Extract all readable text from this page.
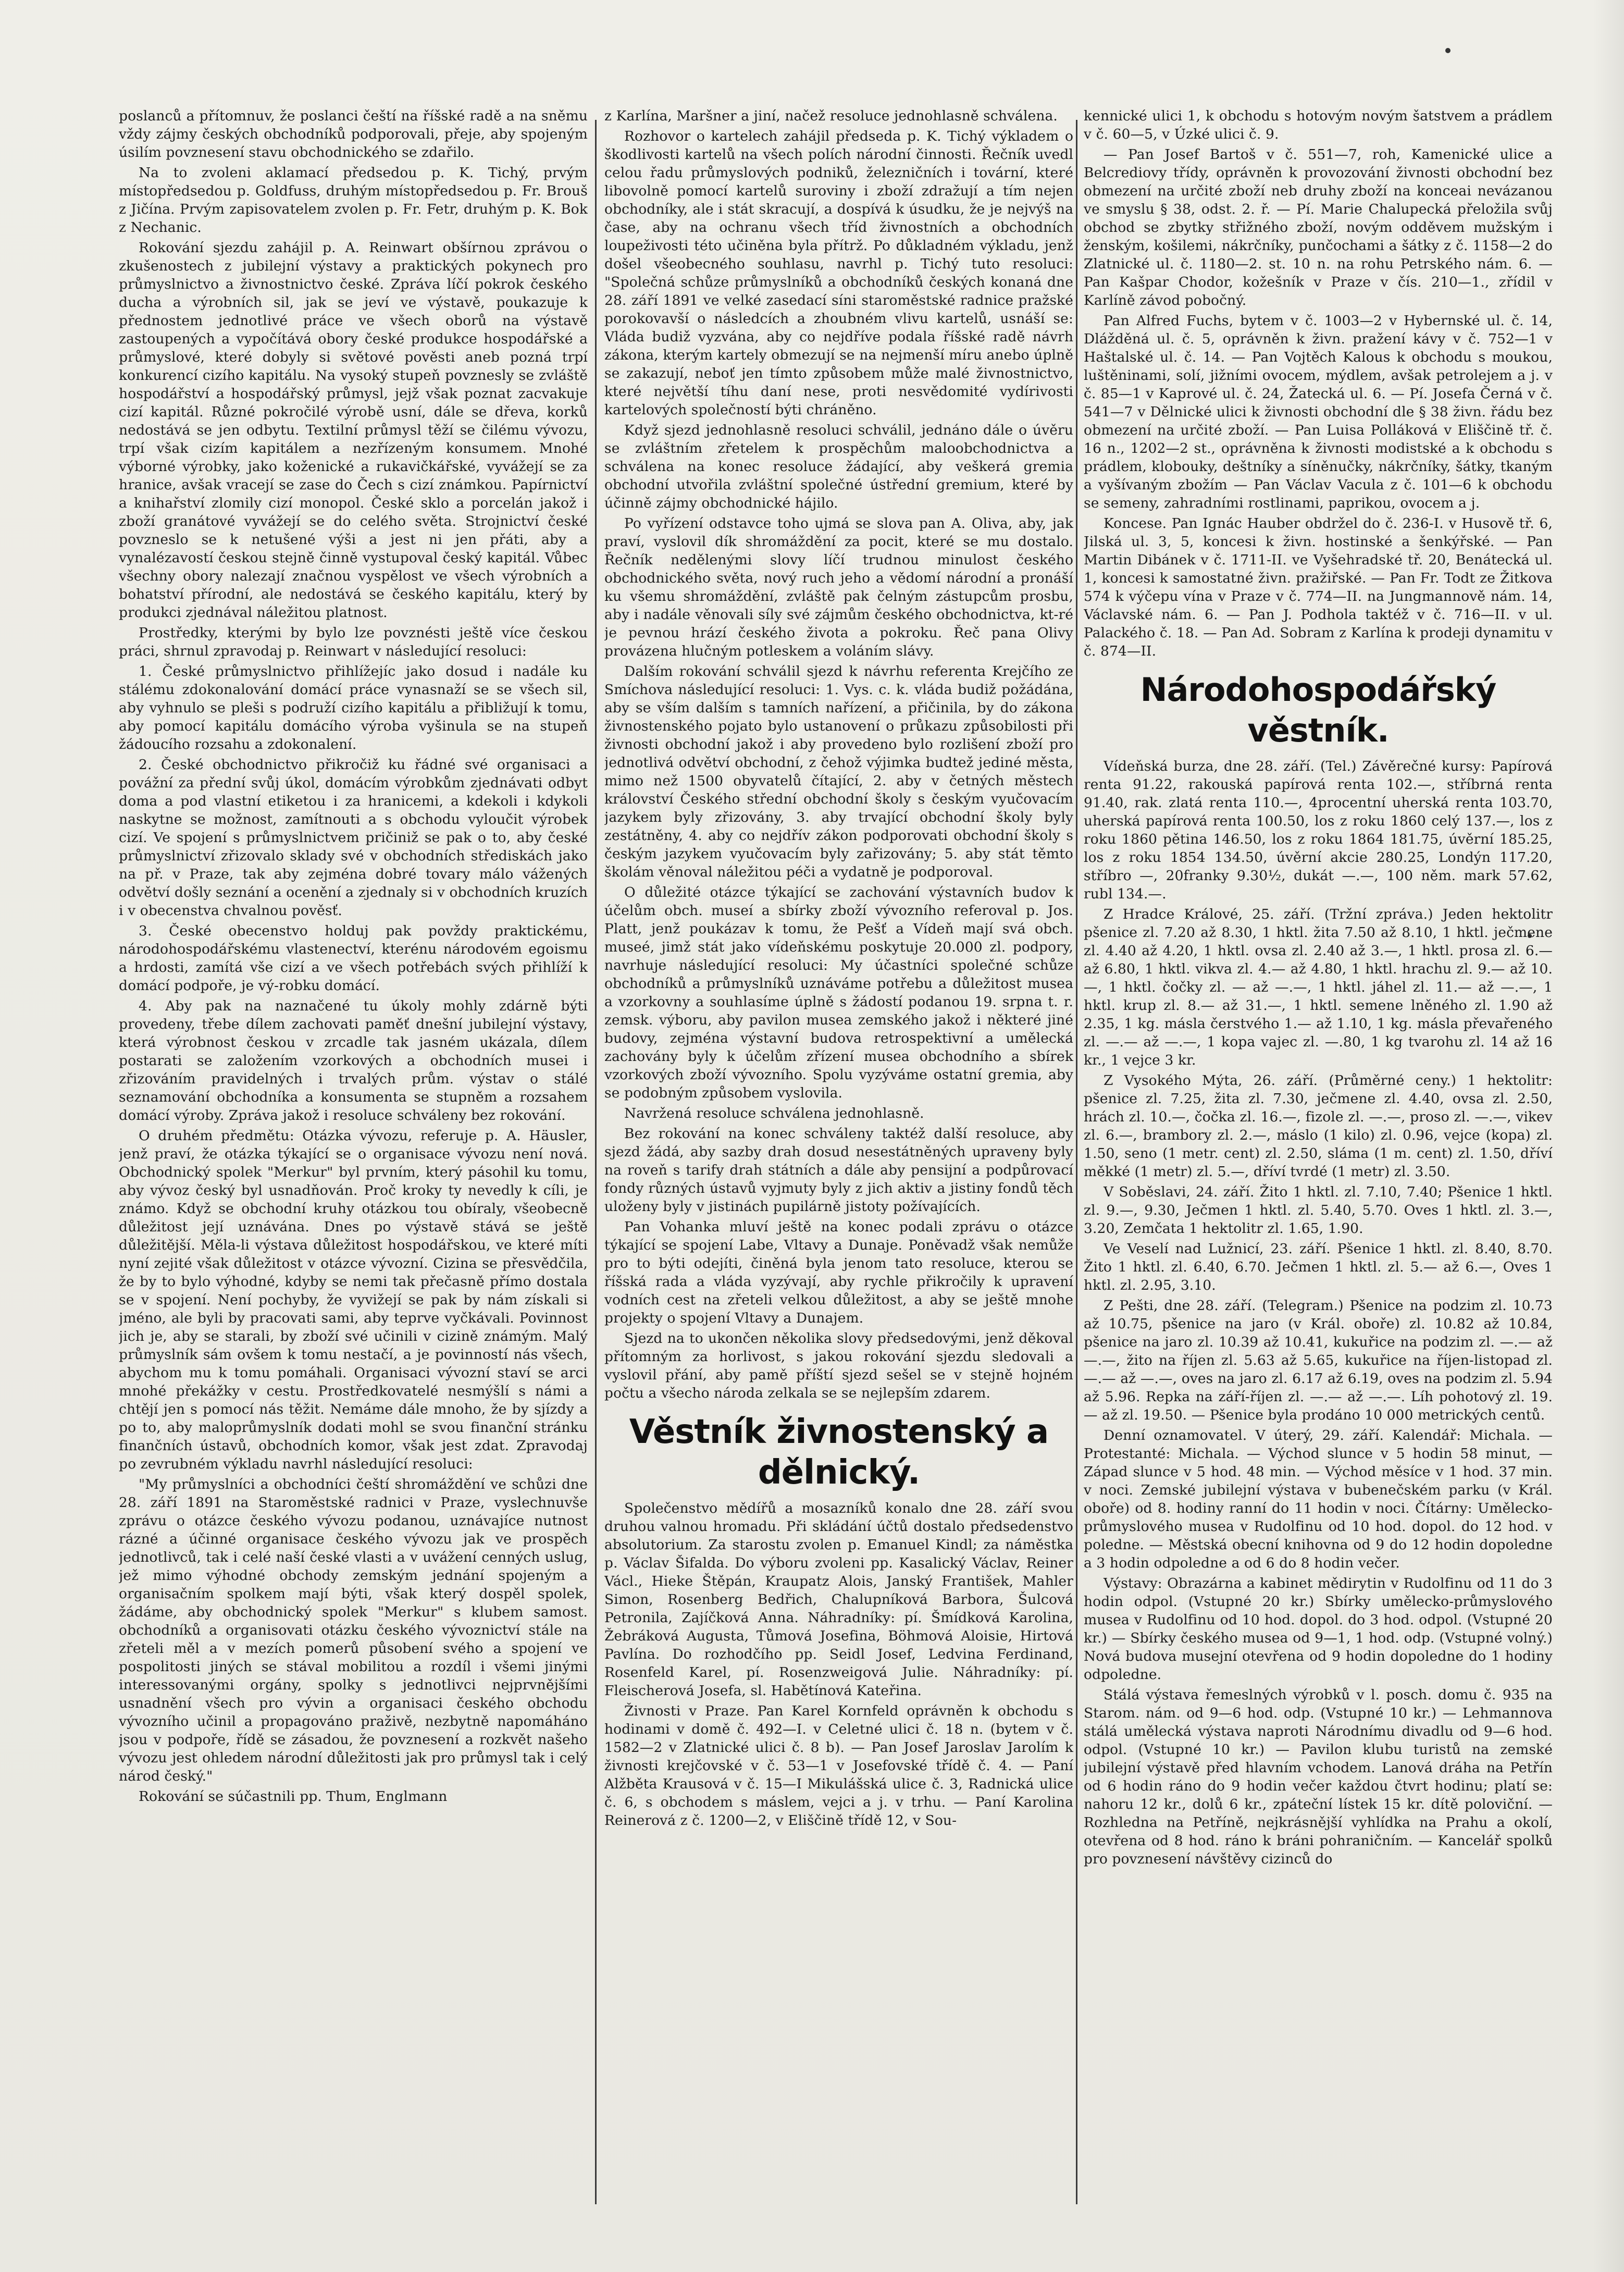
poslanců a přítomnuv, že poslanci čeští na říšské radě a na sněmu vždy zájmy českých obchodníků podporovali, přeje, aby spojeným úsilím povznesení stavu obchodnického se zdařilo.

Na to zvoleni aklamací předsedou p. K. Tichý, prvým místopředsedou p. Goldfuss, druhým místopředsedou p. Fr. Brouš z Jičína. Prvým zapisovatelem zvolen p. Fr. Fetr, druhým p. K. Bok z Nechanic.

Rokování sjezdu zahájil p. A. Reinwart obšírnou zprávou o zkušenostech z jubilejní výstavy a praktických pokynech pro průmyslnictvo a živnostnictvo české. Zpráva líčí pokrok českého ducha a výrobních sil, jak se jeví ve výstavě, poukazuje k přednostem jednotlivé práce ve všech oborů na výstavě zastoupených a vypočítává obory české produkce hospodářské a průmyslové, které dobyly si světové pověsti aneb pozná trpí konkurencí cizího kapitálu. Na vysoký stupeň povznesly se zvláště hospodářství a hospodářský průmysl, jejž však poznat zacvakuje cizí kapitál. Různé pokročilé výrobě usní, dále se dřeva, korků nedostává se jen odbytu. Textilní průmysl těží se čilému vývozu, trpí však cizím kapitálem a nezřízeným konsumem. Mnohé výborné výrobky, jako koženické a rukavičkářské, vyvážejí se za hranice, avšak vracejí se zase do Čech s cizí známkou. Papírnictví a knihařství zlomily cizí monopol. České sklo a porcelán jakož i zboží granátové vyvážejí se do celého světa. Strojnictví české povzneslo se k netušené výši a jest ni jen přáti, aby a vynalézavostí českou stejně činně vystupoval český kapitál. Vůbec všechny obory nalezají značnou vyspělost ve všech výrobních a bohatství přírodní, ale nedostává se českého kapitálu, který by produkci zjednával náležitou platnost.

Prostředky, kterými by bylo lze povznésti ještě více českou práci, shrnul zpravodaj p. Reinwart v následující resoluci:

1. České průmyslnictvo přihlížejíc jako dosud i nadále ku stálému zdokonalování domácí práce vynasnaží se se všech sil, aby vyhnulo se pleši s podruží cizího kapitálu a přibližují k tomu, aby pomocí kapitálu domácího výroba vyšinula se na stupeň žádoucího rozsahu a zdokonalení.

2. České obchodnictvo přikročiž ku řádné své organisaci a povážní za přední svůj úkol, domácím výrobkům zjednávati odbyt doma a pod vlastní etiketou i za hranicemi, a kdekoli i kdykoli naskytne se možnost, zamítnouti a s obchodu vyloučit výrobek cizí. Ve spojení s průmyslnictvem pričiniž se pak o to, aby české průmyslnictví zřizovalo sklady své v obchodních střediskách jako na př. v Praze, tak aby zejména dobré tovary málo vážených odvětví došly seznání a ocenění a zjednaly si v obchodních kruzích i v obecenstva chvalnou pověsť.

3. České obecenstvo holduj pak povždy praktickému, národohospodářskému vlastenectví, kterénu národovém egoismu a hrdosti, zamítá vše cizí a ve všech potřebách svých přihlíží k domácí podpoře, je vý-robku domácí.

4. Aby pak na naznačené tu úkoly mohly zdárně býti provedeny, třebe dílem zachovati paměť dnešní jubilejní výstavy, která výrobnost českou v zrcadle tak jasném ukázala, dílem postarati se založením vzorkových a obchodních musei i zřizováním pravidelných i trvalých prům. výstav o stálé seznamování obchodníka a konsumenta se stupněm a rozsahem domácí výroby. Zpráva jakož i resoluce schváleny bez rokování.

O druhém předmětu: Otázka vývozu, referuje p. A. Häusler, jenž praví, že otázka týkající se o organisace vývozu není nová. Obchodnický spolek "Merkur" byl prvním, který pásohil ku tomu, aby vývoz český byl usnadňován. Proč kroky ty nevedly k cíli, je známo. Když se obchodní kruhy otázkou tou obíraly, všeobecně důležitost její uznávána. Dnes po výstavě stává se ještě důležitější. Měla-li výstava důležitost hospodářskou, ve které míti nyní zejité však důležitost v otázce vývozní. Cizina se přesvědčila, že by to bylo výhodné, kdyby se nemi tak přečasně přímo dostala se v spojení. Není pochyby, že vyvižejí se pak by nám získali si jméno, ale byli by pracovati sami, aby teprve vyčkávali. Povinnost jich je, aby se starali, by zboží své učinili v cizině známým. Malý průmyslník sám ovšem k tomu nestačí, a je povinností nás všech, abychom mu k tomu pomáhali. Organisaci vývozní staví se arci mnohé překážky v cestu. Prostředkovatelé nesmýšlí s námi a chtějí jen s pomocí nás těžit. Nemáme dále mnoho, že by sjízdy a po to, aby maloprůmyslník dodati mohl se svou finanční stránku finančních ústavů, obchodních komor, však jest zdat. Zpravodaj po zevrubném výkladu navrhl následující resoluci:

"My průmyslníci a obchodníci čeští shromáždění ve schůzi dne 28. září 1891 na Staroměstské radnici v Praze, vyslechnuvše zprávu o otázce českého vývozu podanou, uznávajíce nutnost rázné a účinné organisace českého vývozu jak ve prospěch jednotlivců, tak i celé naší české vlasti a v uvážení cenných uslug, jež mimo výhodné obchody zemským jednání spojeným a organisačním spolkem mají býti, však který dospěl spolek, žádáme, aby obchodnický spolek "Merkur" s klubem samost. obchodníků a organisovati otázku českého vývoznictví stále na zřeteli měl a v mezích pomerů působení svého a spojení ve pospolitosti jiných se stával mobilitou a rozdíl i všemi jinými interessovanými orgány, spolky s jednotlivci nejprvnějšími usnadnění všech pro vývin a organisaci českého obchodu vývozního učinil a propagováno praživě, nezbytně napomáháno jsou v podpoře, řídě se zásadou, že povznesení a rozkvět našeho vývozu jest ohledem národní důležitosti jak pro průmysl tak i celý národ český."

Rokování se súčastnili pp. Thum, Englmann

z Karlína, Maršner a jiní, načež resoluce jednohlasně schválena.

Rozhovor o kartelech zahájil předseda p. K. Tichý výkladem o škodlivosti kartelů na všech polích národní činnosti. Řečník uvedl celou řadu průmyslových podniků, železničních i tovární, které libovolně pomocí kartelů suroviny i zboží zdražují a tím nejen obchodníky, ale i stát skracují, a dospívá k úsudku, že je nejvýš na čase, aby na ochranu všech tříd živnostních a obchodních loupeživosti této učiněna byla přítrž. Po důkladném výkladu, jenž došel všeobecného souhlasu, navrhl p. Tichý tuto resoluci: "Společná schůze průmyslníků a obchodníků českých konaná dne 28. září 1891 ve velké zasedací síni staroměstské radnice pražské porokovavší o následcích a zhoubném vlivu kartelů, usnáší se: Vláda budiž vyzvána, aby co nejdříve podala říšské radě návrh zákona, kterým kartely obmezují se na nejmenší míru anebo úplně se zakazují, neboť jen tímto způsobem může malé živnostnictvo, které největší tíhu daní nese, proti nesvědomité vydírivosti kartelových společností býti chráněno.

Když sjezd jednohlasně resoluci schválil, jednáno dále o úvěru se zvláštním zřetelem k prospěchům maloobchodnictva a schválena na konec resoluce žádající, aby veškerá gremia obchodní utvořila zvláštní společné ústřední gremium, které by účinně zájmy obchodnické hájilo.

Po vyřízení odstavce toho ujmá se slova pan A. Oliva, aby, jak praví, vyslovil dík shromáždění za pocit, které se mu dostalo. Řečník nedělenými slovy líčí trudnou minulost českého obchodnického světa, nový ruch jeho a vědomí národní a pronáší ku všemu shromáždění, zvláště pak čelným zástupcům prosbu, aby i nadále věnovali síly své zájmům českého obchodnictva, kt-ré je pevnou hrází českého života a pokroku. Řeč pana Olivy provázena hlučným potleskem a voláním slávy.

Dalším rokování schválil sjezd k návrhu referenta Krejčího ze Smíchova následující resoluci: 1. Vys. c. k. vláda budiž požádána, aby se vším dalším s tamních nařízení, a přičinila, by do zákona živnostenského pojato bylo ustanovení o průkazu způsobilosti při živnosti obchodní jakož i aby provedeno bylo rozlišení zboží pro jednotlivá odvětví obchodní, z čehož výjimka budtež jediné města, mimo než 1500 obyvatelů čítající, 2. aby v četných městech království Českého střední obchodní školy s českým vyučovacím jazykem byly zřizovány, 3. aby trvající obchodní školy byly zestátněny, 4. aby co nejdřív zákon podporovati obchodní školy s českým jazykem vyučovacím byly zařizovány; 5. aby stát těmto školám věnoval náležitou péči a vydatně je podporoval.

O důležité otázce týkající se zachování výstavních budov k účelům obch. museí a sbírky zboží vývozního referoval p. Jos. Platt, jenž poukázav k tomu, že Pešť a Vídeň mají svá obch. museé, jimž stát jako vídeňskému poskytuje 20.000 zl. podpory, navrhuje následující resoluci: My účastníci společné schůze obchodníků a průmyslníků uznáváme potřebu a důležitost musea a vzorkovny a souhlasíme úplně s žádostí podanou 19. srpna t. r. zemsk. výboru, aby pavilon musea zemského jakož i některé jiné budovy, zejména výstavní budova retrospektivní a umělecká zachovány byly k účelům zřízení musea obchodního a sbírek vzorkových zboží vývozního. Spolu vyzýváme ostatní gremia, aby se podobným způsobem vyslovila.

Navržená resoluce schválena jednohlasně.

Bez rokování na konec schváleny taktéž další resoluce, aby sjezd žádá, aby sazby drah dosud nesestátněných upraveny byly na roveň s tarify drah státních a dále aby pensijní a podpůrovací fondy různých ústavů vyjmuty byly z jich aktiv a jistiny fondů těch uloženy byly v jistinách pupilárně jistoty požívajících.

Pan Vohanka mluví ještě na konec podali zprávu o otázce týkající se spojení Labe, Vltavy a Dunaje. Poněvadž však nemůže pro to býti odejíti, činěná byla jenom tato resoluce, kterou se říšská rada a vláda vyzývají, aby rychle přikročily k upravení vodních cest na zřeteli velkou důležitost, a aby se ještě mnohe projekty o spojení Vltavy a Dunajem.

Sjezd na to ukončen několika slovy předsedovými, jenž děkoval přítomným za horlivost, s jakou rokování sjezdu sledovali a vyslovil přání, aby pamě příští sjezd sešel se v stejně hojném počtu a všecho národa zelkala se se nejlepším zdarem.

Věstník živnostenský a dělnický.

Společenstvo mědířů a mosazníků konalo dne 28. září svou druhou valnou hromadu. Při skládání účtů dostalo předsedenstvo absolutorium. Za starostu zvolen p. Emanuel Kindl; za náměstka p. Václav Šifalda. Do výboru zvoleni pp. Kasalický Václav, Reiner Václ., Hieke Štěpán, Kraupatz Alois, Janský František, Mahler Simon, Rosenberg Bedřich, Chalupníková Barbora, Šulcová Petronila, Zajíčková Anna. Náhradníky: pí. Šmídková Karolina, Žebráková Augusta, Tůmová Josefina, Böhmová Aloisie, Hirtová Pavlína. Do rozhodčího pp. Seidl Josef, Ledvina Ferdinand, Rosenfeld Karel, pí. Rosenzweigová Julie. Náhradníky: pí. Fleischerová Josefa, sl. Habětínová Kateřina.

Živnosti v Praze. Pan Karel Kornfeld oprávněn k obchodu s hodinami v domě č. 492—I. v Celetné ulici č. 18 n. (bytem v č. 1582—2 v Zlatnické ulici č. 8 b). — Pan Josef Jaroslav Jarolím k živnosti krejčovské v č. 53—1 v Josefovské třídě č. 4. — Paní Alžběta Krausová v č. 15—I Mikulášská ulice č. 3, Radnická ulice č. 6, s obchodem s máslem, vejci a j. v trhu. — Paní Karolina Reinerová z č. 1200—2, v Eliščině třídě 12, v Sou-

kennické ulici 1, k obchodu s hotovým novým šatstvem a prádlem v č. 60—5, v Úzké ulici č. 9.

— Pan Josef Bartoš v č. 551—7, roh, Kamenické ulice a Belcrediovy třídy, oprávněn k provozování živnosti obchodní bez obmezení na určité zboží neb druhy zboží na konceai nevázanou ve smyslu § 38, odst. 2. ř. — Pí. Marie Chalupecká přeložila svůj obchod se zbytky střižného zboží, novým odděvem mužským i ženským, košilemi, nákrčníky, punčochami a šátky z č. 1158—2 do Zlatnické ul. č. 1180—2. st. 10 n. na rohu Petrského nám. 6. — Pan Kašpar Chodor, kožešník v Praze v čís. 210—1., zřídil v Karlíně závod pobočný.

Pan Alfred Fuchs, bytem v č. 1003—2 v Hybernské ul. č. 14, Dlážděná ul. č. 5, oprávněn k živn. pražení kávy v č. 752—1 v Haštalské ul. č. 14. — Pan Vojtěch Kalous k obchodu s moukou, luštěninami, solí, jižními ovocem, mýdlem, avšak petrolejem a j. v č. 85—1 v Kaprové ul. č. 24, Žatecká ul. 6. — Pí. Josefa Černá v č. 541—7 v Dělnické ulici k živnosti obchodní dle § 38 živn. řádu bez obmezení na určité zboží. — Pan Luisa Polláková v Eliščině tř. č. 16 n., 1202—2 st., oprávněna k živnosti modistské a k obchodu s prádlem, klobouky, deštníky a síněnučky, nákrčníky, šátky, tkaným a vyšívaným zbožím — Pan Václav Vacula z č. 101—6 k obchodu se semeny, zahradními rostlinami, paprikou, ovocem a j.

Koncese. Pan Ignác Hauber obdržel do č. 236-I. v Husově tř. 6, Jilská ul. 3, 5, koncesi k živn. hostinské a šenkýřské. — Pan Martin Dibánek v č. 1711-II. ve Vyšehradské tř. 20, Benátecká ul. 1, koncesi k samostatné živn. pražiřské. — Pan Fr. Todt ze Žitkova 574 k výčepu vína v Praze v č. 774—II. na Jungmannově nám. 14, Václavské nám. 6. — Pan J. Podhola taktéž v č. 716—II. v ul. Palackého č. 18. — Pan Ad. Sobram z Karlína k prodeji dynamitu v č. 874—II.

Národohospodářský věstník.

Vídeňská burza, dne 28. září. (Tel.) Závěrečné kursy: Papírová renta 91.22, rakouská papírová renta 102.—, stříbrná renta 91.40, rak. zlatá renta 110.—, 4procentní uherská renta 103.70, uherská papírová renta 100.50, los z roku 1860 celý 137.—, los z roku 1860 pětina 146.50, los z roku 1864 181.75, úvěrní 185.25, los z roku 1854 134.50, úvěrní akcie 280.25, Londýn 117.20, stříbro —, 20franky 9.30½, dukát —.—, 100 něm. mark 57.62, rubl 134.—.

Z Hradce Králové, 25. září. (Tržní zpráva.) Jeden hektolitr pšenice zl. 7.20 až 8.30, 1 hktl. žita 7.50 až 8.10, 1 hktl. ječmene zl. 4.40 až 4.20, 1 hktl. ovsa zl. 2.40 až 3.—, 1 hktl. prosa zl. 6.— až 6.80, 1 hktl. vikva zl. 4.— až 4.80, 1 hktl. hrachu zl. 9.— až 10.—, 1 hktl. čočky zl. — až —.—, 1 hktl. jáhel zl. 11.— až —.—, 1 hktl. krup zl. 8.— až 31.—, 1 hktl. semene lněného zl. 1.90 až 2.35, 1 kg. másla čerstvého 1.— až 1.10, 1 kg. másla převařeného zl. —.— až —.—, 1 kopa vajec zl. —.80, 1 kg tvarohu zl. 14 až 16 kr., 1 vejce 3 kr.

Z Vysokého Mýta, 26. září. (Průměrné ceny.) 1 hektolitr: pšenice zl. 7.25, žita zl. 7.30, ječmene zl. 4.40, ovsa zl. 2.50, hrách zl. 10.—, čočka zl. 16.—, fizole zl. —.—, proso zl. —.—, vikev zl. 6.—, brambory zl. 2.—, máslo (1 kilo) zl. 0.96, vejce (kopa) zl. 1.50, seno (1 metr. cent) zl. 2.50, sláma (1 m. cent) zl. 1.50, dříví měkké (1 metr) zl. 5.—, dříví tvrdé (1 metr) zl. 3.50.

V Soběslavi, 24. září. Žito 1 hktl. zl. 7.10, 7.40; Pšenice 1 hktl. zl. 9.—, 9.30, Ječmen 1 hktl. zl. 5.40, 5.70. Oves 1 hktl. zl. 3.—, 3.20, Zemčata 1 hektolitr zl. 1.65, 1.90.

Ve Veselí nad Lužnicí, 23. září. Pšenice 1 hktl. zl. 8.40, 8.70. Žito 1 hktl. zl. 6.40, 6.70. Ječmen 1 hktl. zl. 5.— až 6.—, Oves 1 hktl. zl. 2.95, 3.10.

Z Pešti, dne 28. září. (Telegram.) Pšenice na podzim zl. 10.73 až 10.75, pšenice na jaro (v Král. oboře) zl. 10.82 až 10.84, pšenice na jaro zl. 10.39 až 10.41, kukuřice na podzim zl. —.— až —.—, žito na říjen zl. 5.63 až 5.65, kukuřice na říjen-listopad zl. —.— až —.—, oves na jaro zl. 6.17 až 6.19, oves na podzim zl. 5.94 až 5.96. Repka na září-říjen zl. —.— až —.—. Líh pohotový zl. 19.— až zl. 19.50. — Pšenice byla prodáno 10 000 metrických centů.

Denní oznamovatel. V úterý, 29. září. Kalendář: Michala. — Protestanté: Michala. — Východ slunce v 5 hodin 58 minut, — Západ slunce v 5 hod. 48 min. — Východ měsíce v 1 hod. 37 min. v noci. Zemské jubilejní výstava v bubenečském parku (v Král. oboře) od 8. hodiny ranní do 11 hodin v noci. Čítárny: Umělecko-průmyslového musea v Rudolfinu od 10 hod. dopol. do 12 hod. v poledne. — Městská obecní knihovna od 9 do 12 hodin dopoledne a 3 hodin odpoledne a od 6 do 8 hodin večer.

Výstavy: Obrazárna a kabinet mědirytin v Rudolfinu od 11 do 3 hodin odpol. (Vstupné 20 kr.) Sbírky umělecko-průmyslového musea v Rudolfinu od 10 hod. dopol. do 3 hod. odpol. (Vstupné 20 kr.) — Sbírky českého musea od 9—1, 1 hod. odp. (Vstupné volný.) Nová budova musejní otevřena od 9 hodin dopoledne do 1 hodiny odpoledne.

Stálá výstava řemeslných výrobků v l. posch. domu č. 935 na Starom. nám. od 9—6 hod. odp. (Vstupné 10 kr.) — Lehmannova stálá umělecká výstava naproti Národnímu divadlu od 9—6 hod. odpol. (Vstupné 10 kr.) — Pavilon klubu turistů na zemské jubilejní výstavě před hlavním vchodem. Lanová dráha na Petřín od 6 hodin ráno do 9 hodin večer každou čtvrt hodinu; platí se: nahoru 12 kr., dolů 6 kr., zpáteční lístek 15 kr. dítě poloviční. — Rozhledna na Petříně, nejkrásnější vyhlídka na Prahu a okolí, otevřena od 8 hod. ráno k bráni pohraničním. — Kancelář spolků pro povznesení návštěvy cizinců do
